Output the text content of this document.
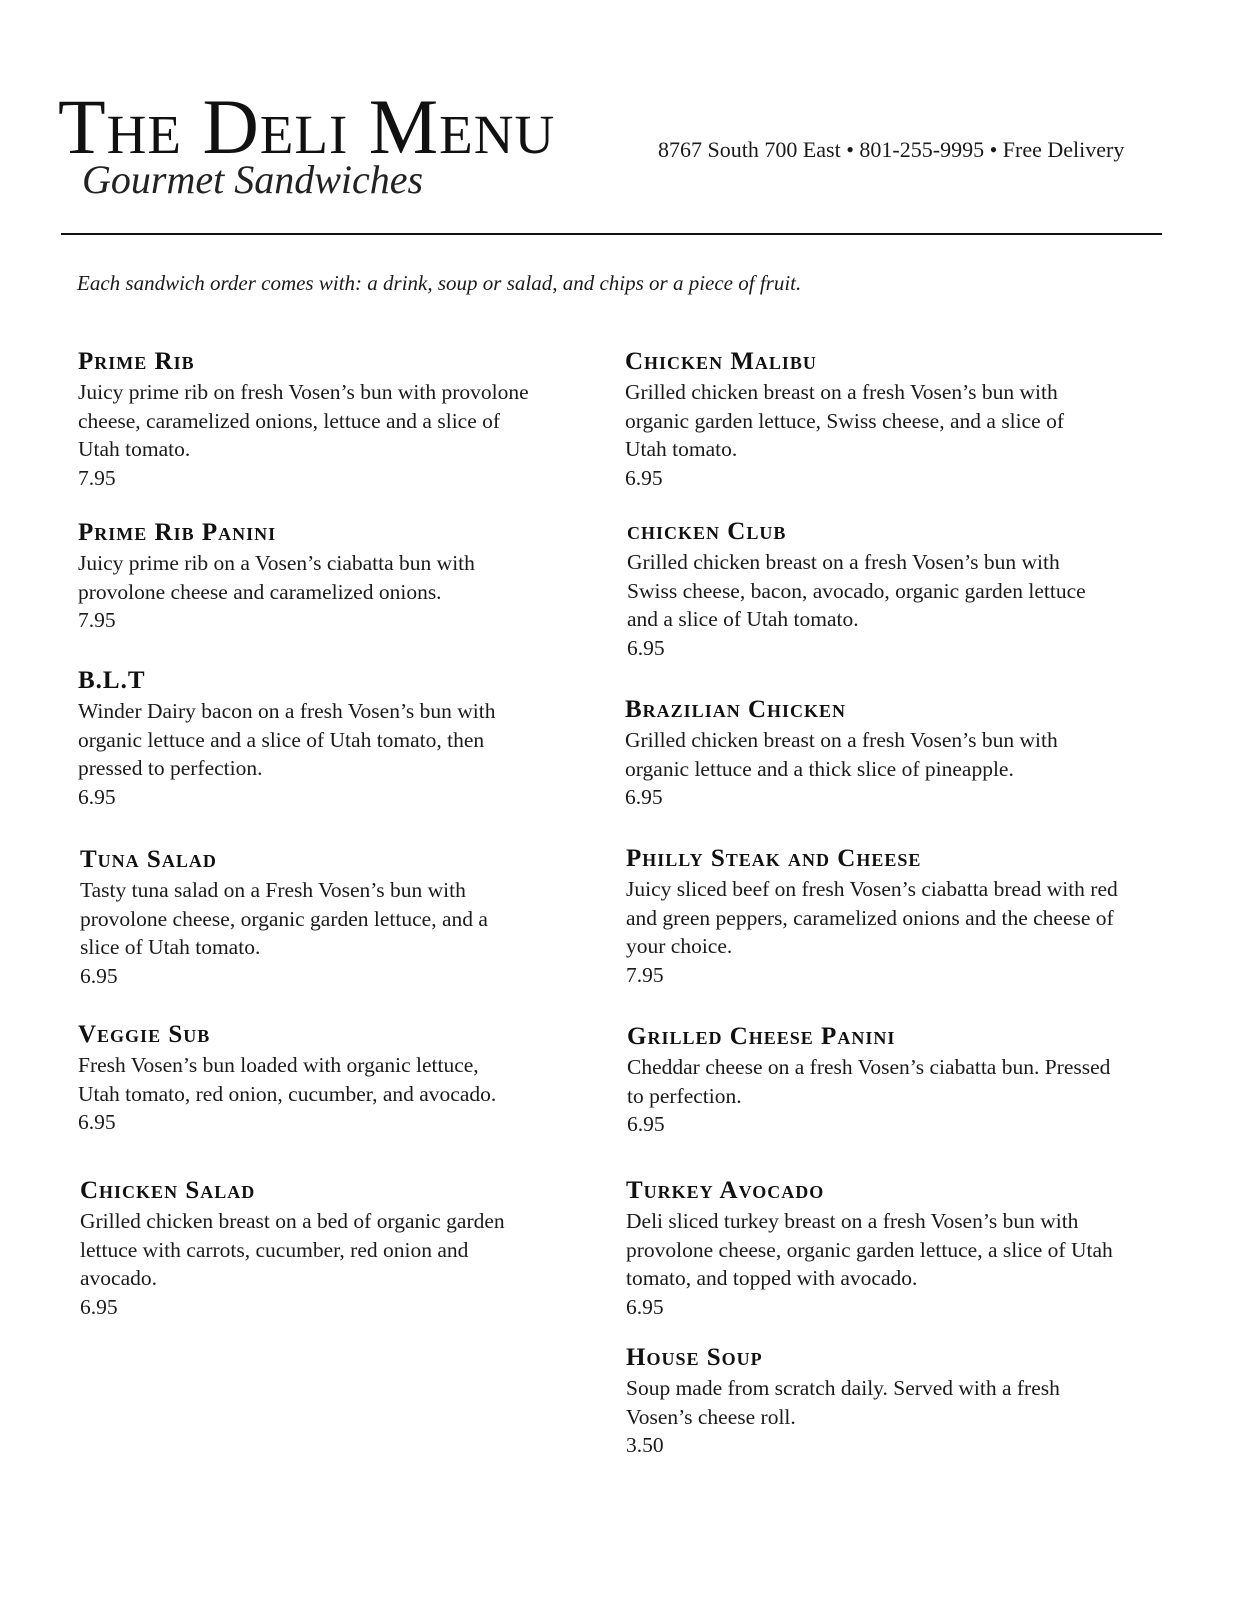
The Deli Menu
Gourmet Sandwiches
8767 South 700 East • 801-255-9995 • Free Delivery
Each sandwich order comes with: a drink, soup or salad, and chips or a piece of fruit.
Prime Rib
Juicy prime rib on fresh Vosen’s bun with provolone
cheese, caramelized onions, lettuce and a slice of
Utah tomato.
7.95
Prime Rib Panini
Juicy prime rib on a Vosen’s ciabatta bun with
provolone cheese and caramelized onions.
7.95
B.L.T
Winder Dairy bacon on a fresh Vosen’s bun with
organic lettuce and a slice of Utah tomato, then
pressed to perfection.
6.95
Tuna Salad
Tasty tuna salad on a Fresh Vosen’s bun with
provolone cheese, organic garden lettuce, and a
slice of Utah tomato.
6.95
Veggie Sub
Fresh Vosen’s bun loaded with organic lettuce,
Utah tomato, red onion, cucumber, and avocado.
6.95
Chicken Salad
Grilled chicken breast on a bed of organic garden
lettuce with carrots, cucumber, red onion and
avocado.
6.95
Chicken Malibu
Grilled chicken breast on a fresh Vosen’s bun with
organic garden lettuce, Swiss cheese, and a slice of
Utah tomato.
6.95
chicken Club
Grilled chicken breast on a fresh Vosen’s bun with
Swiss cheese, bacon, avocado, organic garden lettuce
and a slice of Utah tomato.
6.95
Brazilian Chicken
Grilled chicken breast on a fresh Vosen’s bun with
organic lettuce and a thick slice of pineapple.
6.95
Philly Steak and Cheese
Juicy sliced beef on fresh Vosen’s ciabatta bread with red
and green peppers, caramelized onions and the cheese of
your choice.
7.95
Grilled Cheese Panini
Cheddar cheese on a fresh Vosen’s ciabatta bun. Pressed
to perfection.
6.95
Turkey Avocado
Deli sliced turkey breast on a fresh Vosen’s bun with
provolone cheese, organic garden lettuce, a slice of Utah
tomato, and topped with avocado.
6.95
House Soup
Soup made from scratch daily. Served with a fresh
Vosen’s cheese roll.
3.50
